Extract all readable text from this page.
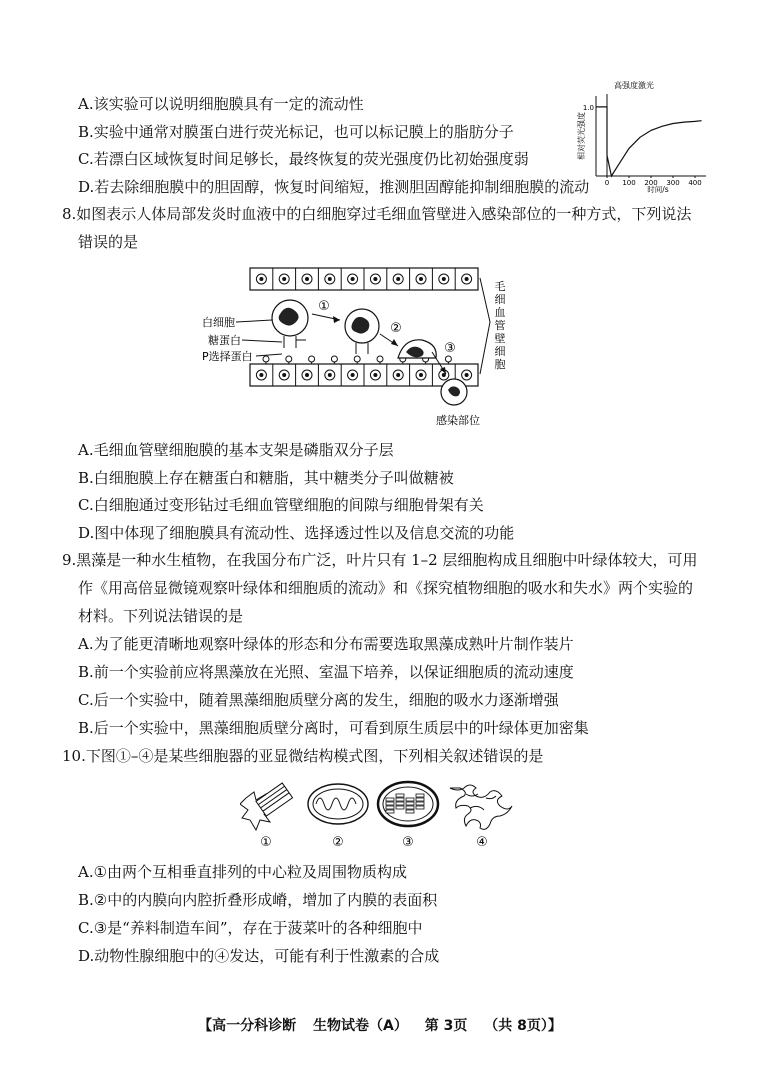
A.该实验可以说明细胞膜具有一定的流动性
B.实验中通常对膜蛋白进行荧光标记，也可以标记膜上的脂肪分子
C.若漂白区域恢复时间足够长，最终恢复的荧光强度仍比初始强度弱
D.若去除细胞膜中的胆固醇，恢复时间缩短，推测胆固醇能抑制细胞膜的流动
高强度激光
相对荧光强度
时间/s
0 100 200 300 400
1.0
8.如图表示人体局部发炎时血液中的白细胞穿过毛细血管壁进入感染部位的一种方式，下列说法
错误的是
①
②
③
白细胞
糖蛋白
P选择蛋白
毛细血管壁细胞
感染部位
A.毛细血管壁细胞膜的基本支架是磷脂双分子层
B.白细胞膜上存在糖蛋白和糖脂，其中糖类分子叫做糖被
C.白细胞通过变形钻过毛细血管壁细胞的间隙与细胞骨架有关
D.图中体现了细胞膜具有流动性、选择透过性以及信息交流的功能
9.黑藻是一种水生植物，在我国分布广泛，叶片只有 1–2 层细胞构成且细胞中叶绿体较大，可用
作《用高倍显微镜观察叶绿体和细胞质的流动》和《探究植物细胞的吸水和失水》两个实验的
材料。下列说法错误的是
A.为了能更清晰地观察叶绿体的形态和分布需要选取黑藻成熟叶片制作装片
B.前一个实验前应将黑藻放在光照、室温下培养，以保证细胞质的流动速度
C.后一个实验中，随着黑藻细胞质壁分离的发生，细胞的吸水力逐渐增强
B.后一个实验中，黑藻细胞质壁分离时，可看到原生质层中的叶绿体更加密集
10.下图①–④是某些细胞器的亚显微结构模式图，下列相关叙述错误的是
①	②	③	④
A.①由两个互相垂直排列的中心粒及周围物质构成
B.②中的内膜向内腔折叠形成嵴，增加了内膜的表面积
C.③是“养料制造车间”，存在于菠菜叶的各种细胞中
D.动物性腺细胞中的④发达，可能有利于性激素的合成
【高一分科诊断 生物试卷（A） 第 3页 （共 8页）】
